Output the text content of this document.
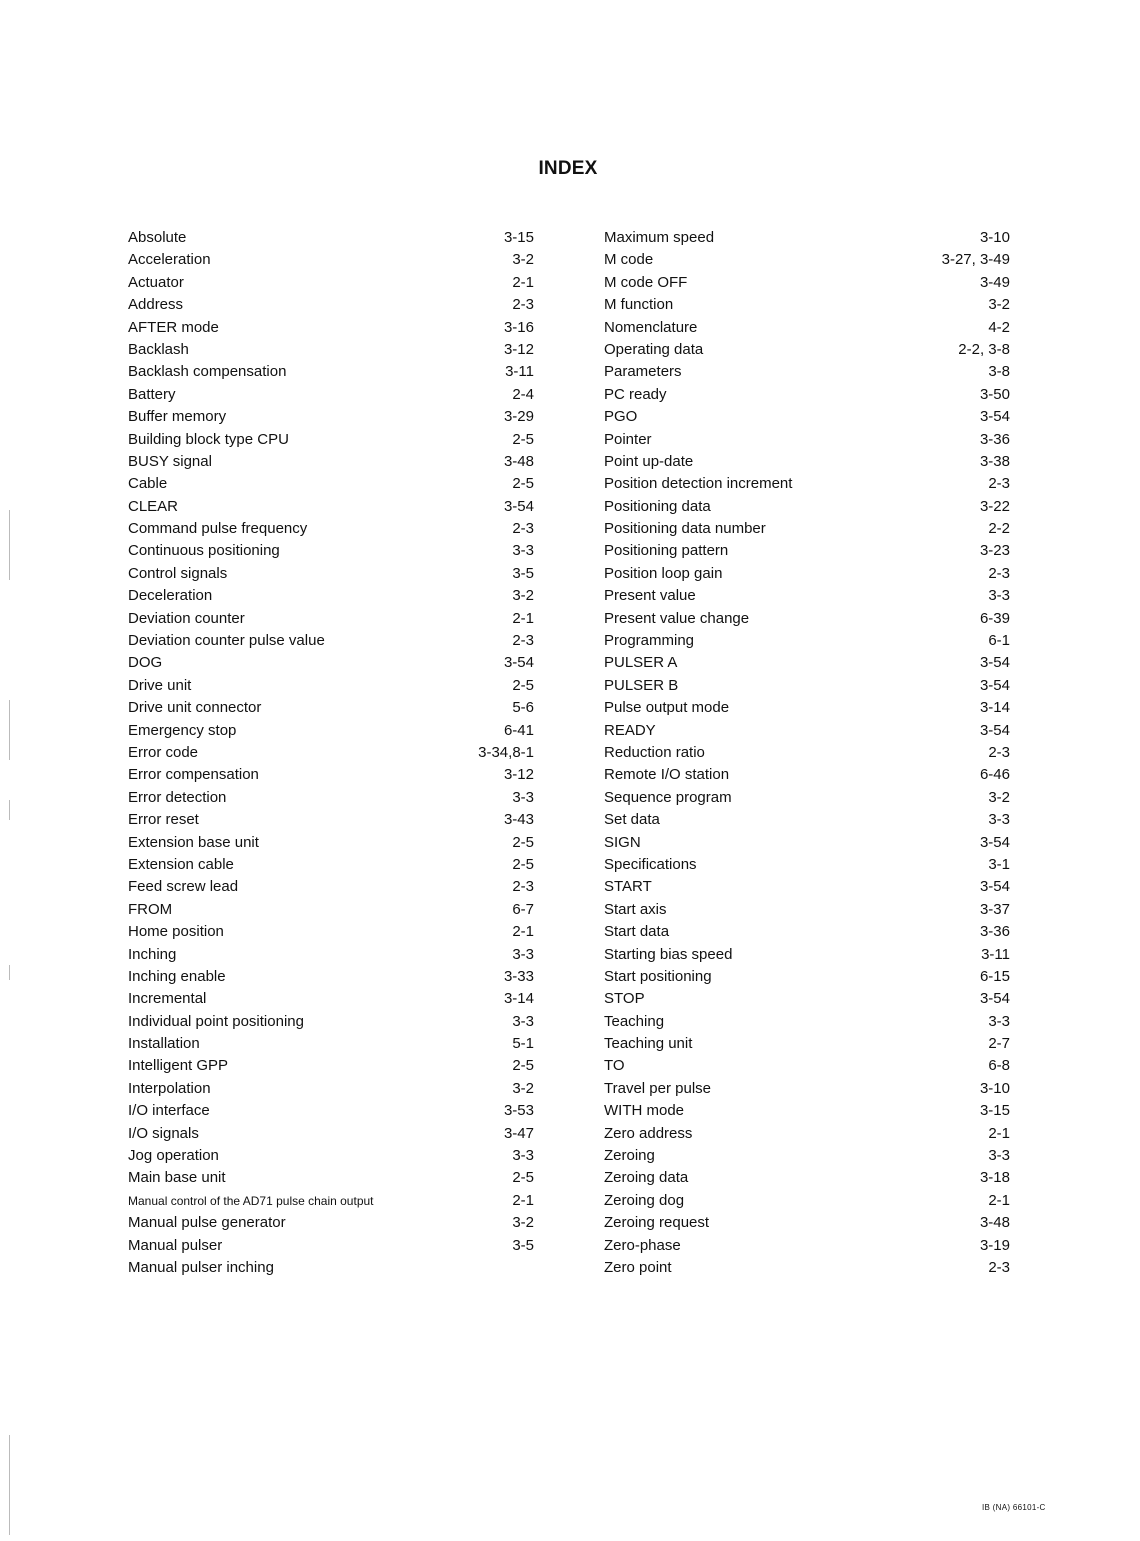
INDEX
Absolute	3-15
Acceleration	3-2
Actuator	2-1
Address	2-3
AFTER mode	3-16
Backlash	3-12
Backlash compensation	3-11
Battery	2-4
Buffer memory	3-29
Building block type CPU	2-5
BUSY signal	3-48
Cable	2-5
CLEAR	3-54
Command pulse frequency	2-3
Continuous positioning	3-3
Control signals	3-5
Deceleration	3-2
Deviation counter	2-1
Deviation counter pulse value	2-3
DOG	3-54
Drive unit	2-5
Drive unit connector	5-6
Emergency stop	6-41
Error code	3-34,8-1
Error compensation	3-12
Error detection	3-3
Error reset	3-43
Extension base unit	2-5
Extension cable	2-5
Feed screw lead	2-3
FROM	6-7
Home position	2-1
Inching	3-3
Inching enable	3-33
Incremental	3-14
Individual point positioning	3-3
Installation	5-1
Intelligent GPP	2-5
Interpolation	3-2
I/O interface	3-53
I/O signals	3-47
Jog operation	3-3
Main base unit	2-5
Manual control of the AD71 pulse chain output	2-1
Manual pulse generator	3-2
Manual pulser	3-5
Manual pulser inching
Maximum speed	3-10
M code	3-27, 3-49
M code OFF	3-49
M function	3-2
Nomenclature	4-2
Operating data	2-2, 3-8
Parameters	3-8
PC ready	3-50
PGO	3-54
Pointer	3-36
Point up-date	3-38
Position detection increment	2-3
Positioning data	3-22
Positioning data number	2-2
Positioning pattern	3-23
Position loop gain	2-3
Present value	3-3
Present value change	6-39
Programming	6-1
PULSER A	3-54
PULSER B	3-54
Pulse output mode	3-14
READY	3-54
Reduction ratio	2-3
Remote I/O station	6-46
Sequence program	3-2
Set data	3-3
SIGN	3-54
Specifications	3-1
START	3-54
Start axis	3-37
Start data	3-36
Starting bias speed	3-11
Start positioning	6-15
STOP	3-54
Teaching	3-3
Teaching unit	2-7
TO	6-8
Travel per pulse	3-10
WITH mode	3-15
Zero address	2-1
Zeroing	3-3
Zeroing data	3-18
Zeroing dog	2-1
Zeroing request	3-48
Zero-phase	3-19
Zero point	2-3
IB (NA) 66101-C
